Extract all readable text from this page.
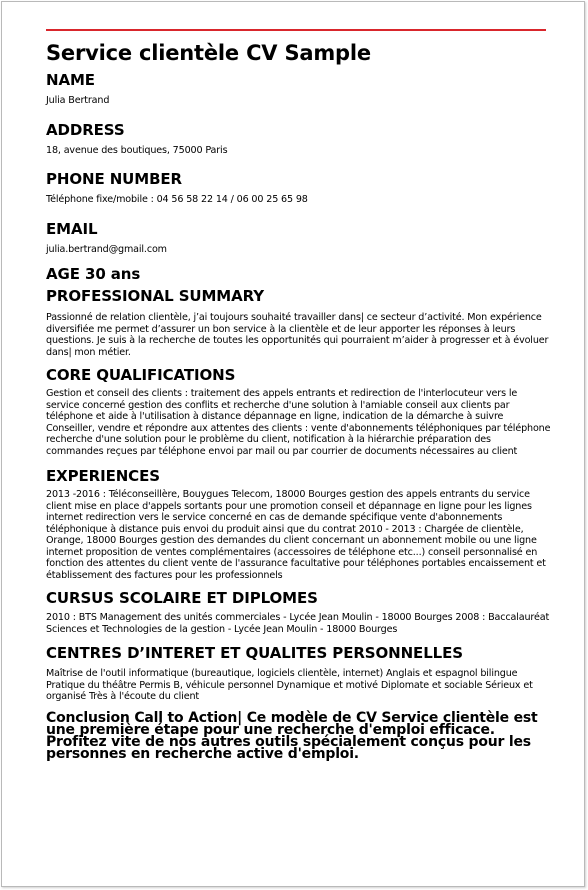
Service clientèle CV Sample
NAME

Julia Bertrand

ADDRESS

18, avenue des boutiques, 75000 Paris

PHONE NUMBER

Téléphone fixe/mobile : 04 56 58 22 14 / 06 00 25 65 98

EMAIL

julia.bertrand@gmail.com

AGE 30 ans
PROFESSIONAL SUMMARY

Passionné de relation clientèle, j’ai toujours souhaité travailler dans| ce secteur d’activité. Mon expérience diversifiée me permet d’assurer un bon service à la clientèle et de leur apporter les réponses à leurs questions. Je suis à la recherche de toutes les opportunités qui pourraient m’aider à progresser et à évoluer dans| mon métier.

CORE QUALIFICATIONS

Gestion et conseil des clients : traitement des appels entrants et redirection de l'interlocuteur vers le service concerné gestion des conflits et recherche d'une solution à l'amiable conseil aux clients par téléphone et aide à l'utilisation à distance dépannage en ligne, indication de la démarche à suivre Conseiller, vendre et répondre aux attentes des clients : vente d'abonnements téléphoniques par téléphone recherche d'une solution pour le problème du client, notification à la hiérarchie préparation des commandes reçues par téléphone envoi par mail ou par courrier de documents nécessaires au client

EXPERIENCES

2013 -2016 : Téléconseillère, Bouygues Telecom, 18000 Bourges gestion des appels entrants du service client mise en place d'appels sortants pour une promotion conseil et dépannage en ligne pour les lignes internet redirection vers le service concerné en cas de demande spécifique vente d'abonnements téléphonique à distance puis envoi du produit ainsi que du contrat 2010 - 2013 : Chargée de clientèle, Orange, 18000 Bourges gestion des demandes du client concernant un abonnement mobile ou une ligne internet proposition de ventes complémentaires (accessoires de téléphone etc...) conseil personnalisé en fonction des attentes du client vente de l'assurance facultative pour téléphones portables encaissement et établissement des factures pour les professionnels

CURSUS SCOLAIRE ET DIPLOMES

2010 : BTS Management des unités commerciales - Lycée Jean Moulin - 18000 Bourges 2008 : Baccalauréat Sciences et Technologies de la gestion - Lycée Jean Moulin - 18000 Bourges

CENTRES D’INTERET ET QUALITES PERSONNELLES

Maîtrise de l'outil informatique (bureautique, logiciels clientèle, internet) Anglais et espagnol bilingue Pratique du théâtre Permis B, véhicule personnel Dynamique et motivé Diplomate et sociable Sérieux et organisé Très à l'écoute du client

Conclusion Call to Action| Ce modèle de CV Service clientèle est une première étape pour une recherche d'emploi efficace. Profitez vite de nos autres outils spécialement conçus pour les personnes en recherche active d'emploi.
